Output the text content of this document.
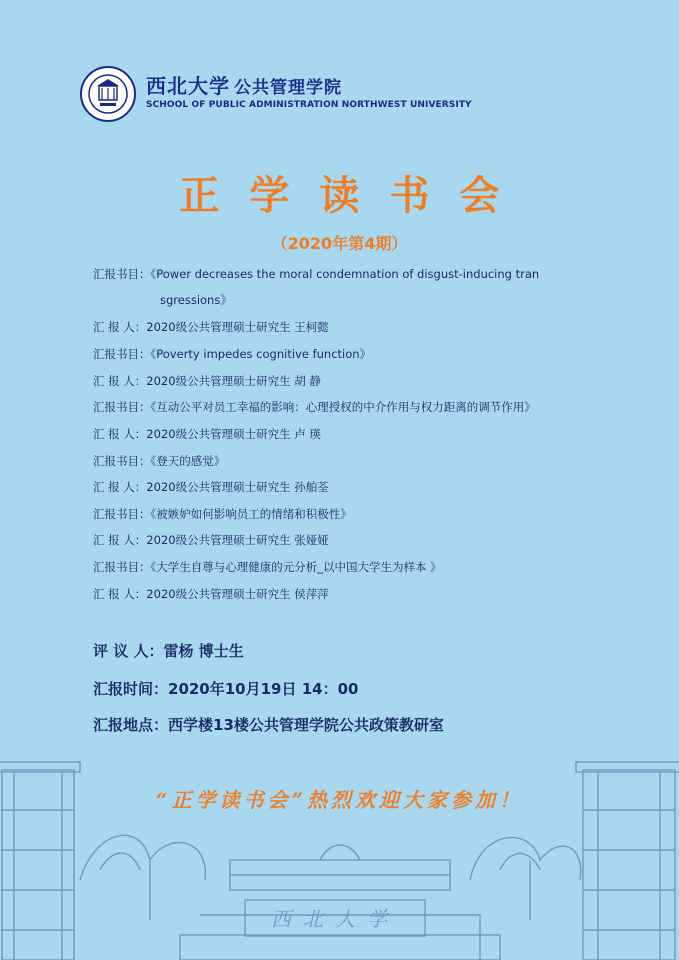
西北大学 公共管理学院
SCHOOL OF PUBLIC ADMINISTRATION NORTHWEST UNIVERSITY
正学读书会
（2020年第4期）
汇报书目：《Power decreases the moral condemnation of disgust-inducing tran
sgressions》
汇 报 人：2020级公共管理硕士研究生 王柯懿
汇报书目：《Poverty impedes cognitive function》
汇 报 人：2020级公共管理硕士研究生 胡 静
汇报书目：《互动公平对员工幸福的影响：心理授权的中介作用与权力距离的调节作用》
汇 报 人：2020级公共管理硕士研究生 卢 瑛
汇报书目：《登天的感觉》
汇 报 人：2020级公共管理硕士研究生 孙舶荃
汇报书目：《被嫉妒如何影响员工的情绪和积极性》
汇 报 人：2020级公共管理硕士研究生 张娅娅
汇报书目：《大学生自尊与心理健康的元分析_以中国大学生为样本 》
汇 报 人：2020级公共管理硕士研究生 侯萍萍
评 议 人：雷杨 博士生
汇报时间：2020年10月19日 14：00
汇报地点：西学楼13楼公共管理学院公共政策教研室
西北大学
“正学读书会”热烈欢迎大家参加！
